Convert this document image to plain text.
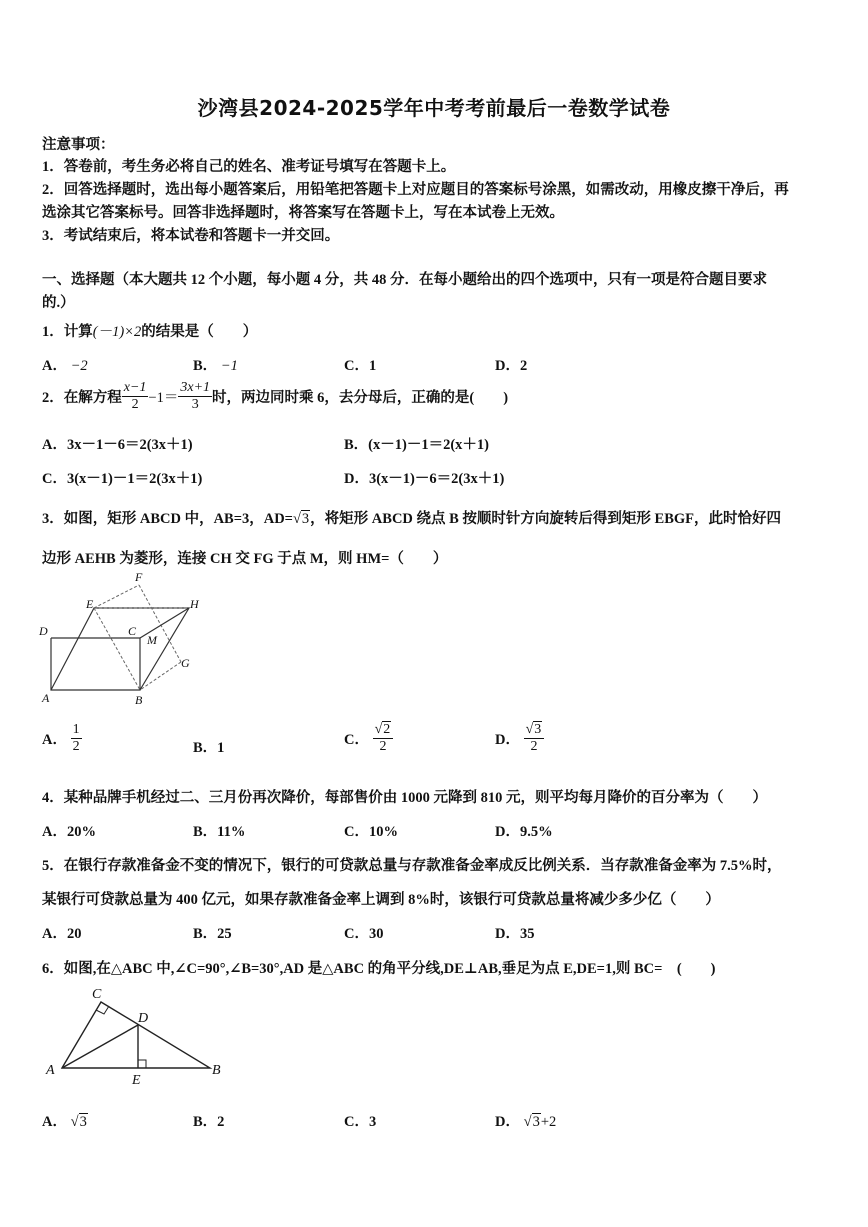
沙湾县2024-2025学年中考考前最后一卷数学试卷
注意事项：
1．答卷前，考生务必将自己的姓名、准考证号填写在答题卡上。
2．回答选择题时，选出每小题答案后，用铅笔把答题卡上对应题目的答案标号涂黑，如需改动，用橡皮擦干净后，再
选涂其它答案标号。回答非选择题时，将答案写在答题卡上，写在本试卷上无效。
3．考试结束后，将本试卷和答题卡一并交回。
一、选择题（本大题共 12 个小题，每小题 4 分，共 48 分．在每小题给出的四个选项中，只有一项是符合题目要求
的.）
1．计算(－1)×2的结果是（　　）
A． −2	B． −1	C．1	D．2
2．在解方程 $\frac{x-1}{2} -1= \frac{3x+1}{3}$ 时，两边同时乘 6，去分母后，正确的是(　　)
A．3x－1－6＝2(3x＋1)	B．(x－1)－1＝2(x＋1)
C．3(x－1)－1＝2(3x＋1)	D．3(x－1)－6＝2(3x＋1)
3．如图，矩形 ABCD 中，AB=3，AD=√3，将矩形 ABCD 绕点 B 按顺时针方向旋转后得到矩形 EBGF，此时恰好四
边形 AEHB 为菱形，连接 CH 交 FG 于点 M，则 HM=（　　）
F
E	H
D	C
M
G
A	B
A． $\frac{1}{2}$	B．1	C． $\frac{√2}{2}$	D． $\frac{√3}{2}$
4．某种品牌手机经过二、三月份再次降价，每部售价由 1000 元降到 810 元，则平均每月降价的百分率为（　　）
A．20%	B．11%	C．10%	D．9.5%
5．在银行存款准备金不变的情况下，银行的可贷款总量与存款准备金率成反比例关系．当存款准备金率为 7.5%时，
某银行可贷款总量为 400 亿元，如果存款准备金率上调到 8%时，该银行可贷款总量将减少多少亿（　　）
A．20	B．25	C．30	D．35
6．如图,在△ABC 中,∠C=90°,∠B=30°,AD 是△ABC 的角平分线,DE⊥AB,垂足为点 E,DE=1,则 BC=　(　　)
C
D
A
E
B
A． √3	B．2	C．3	D． √3+2
